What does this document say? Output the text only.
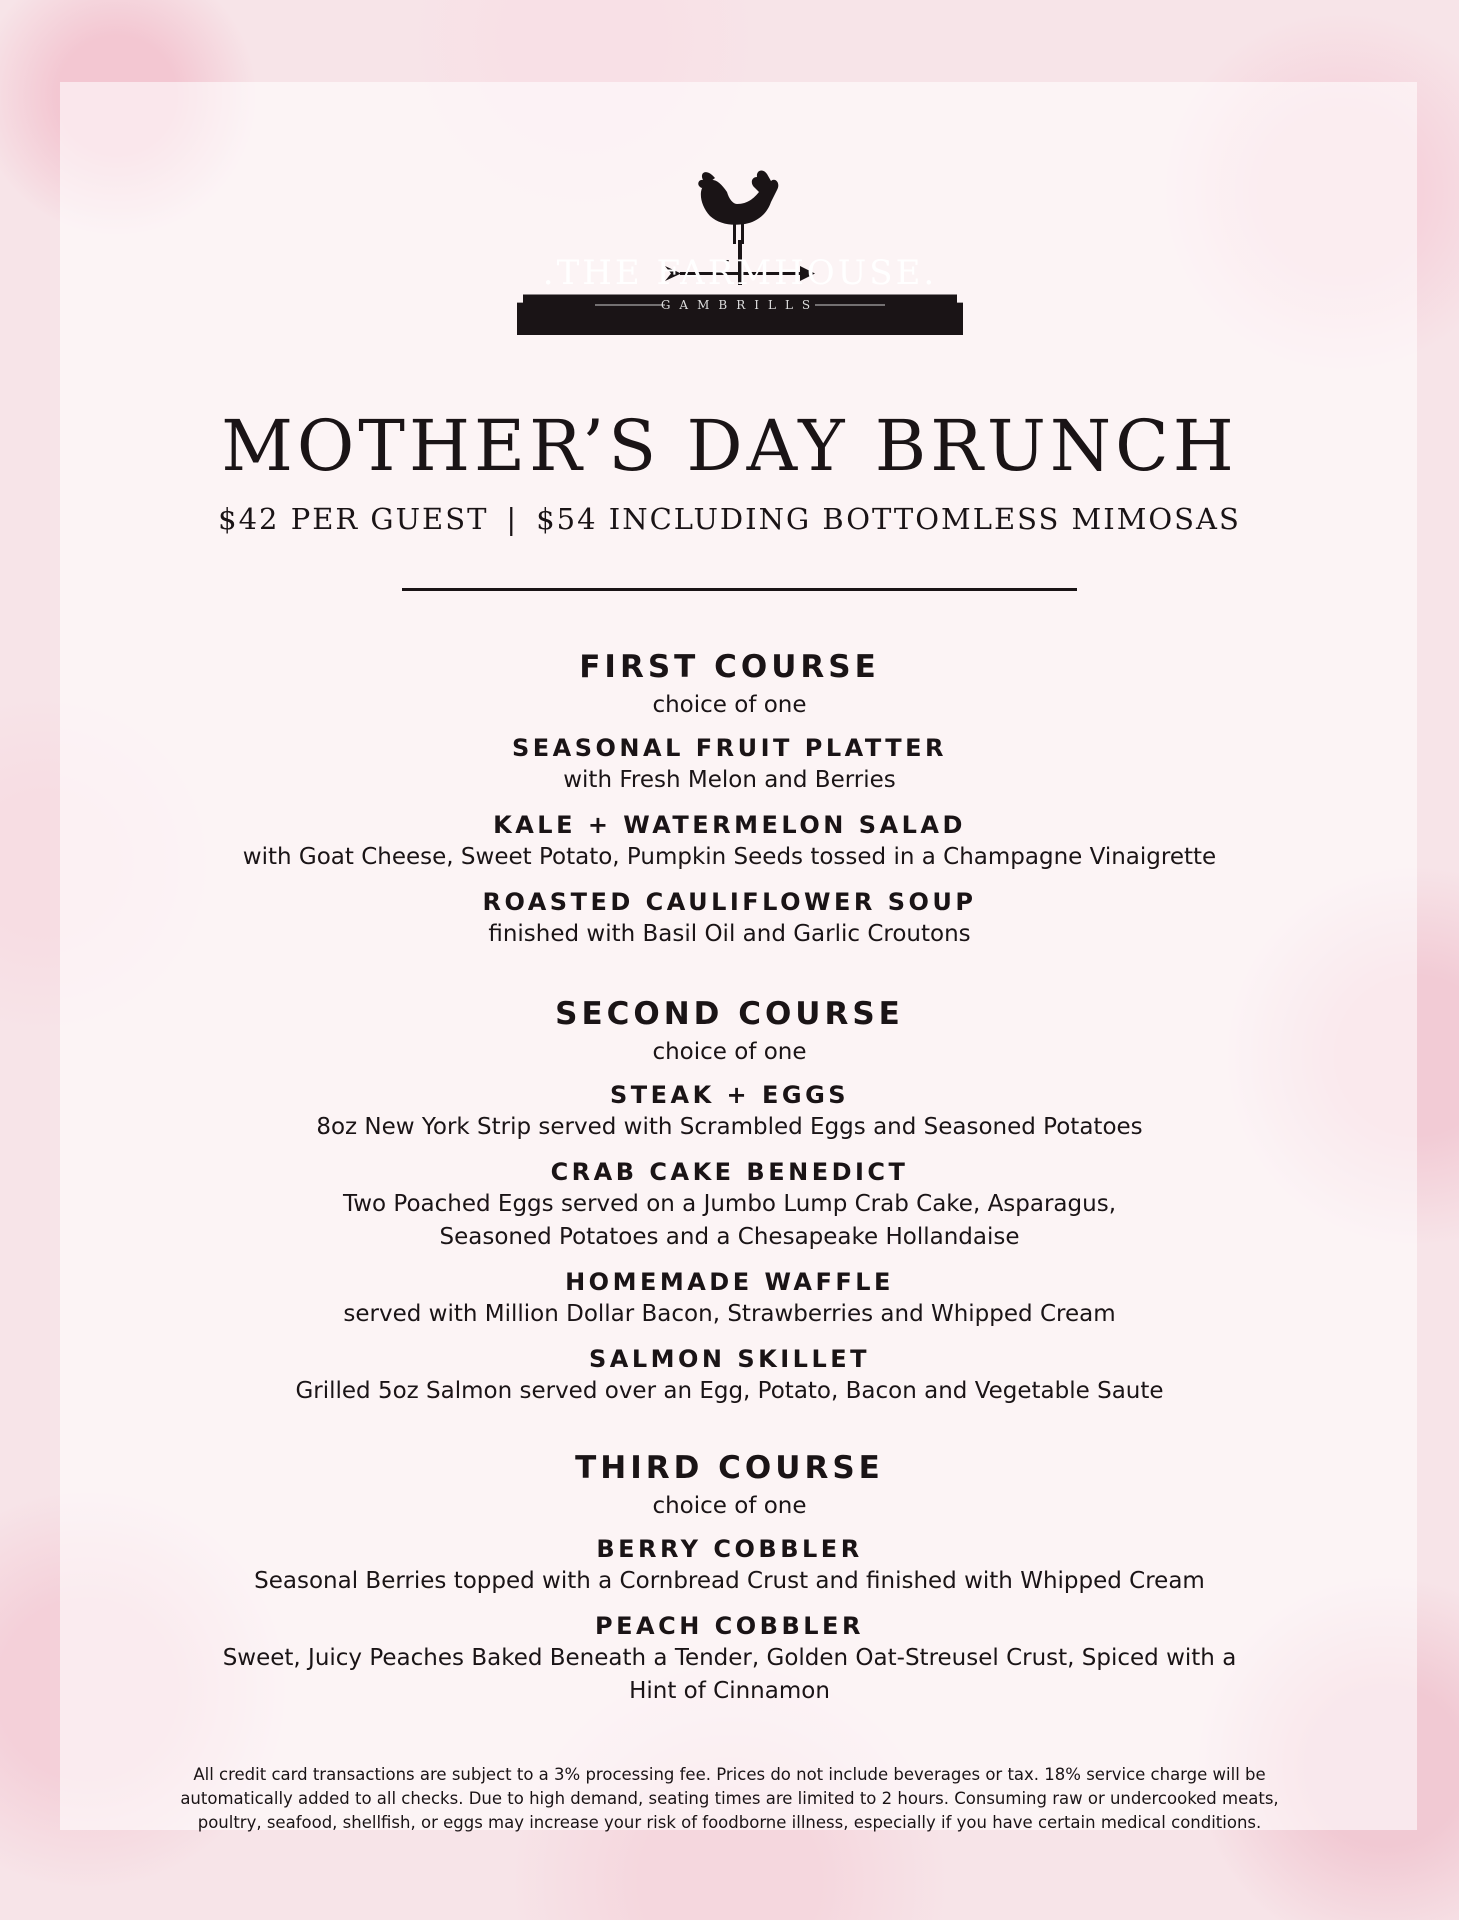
.THE FARMHOUSE.
GAMBRILLS
MOTHER’S DAY BRUNCH
$42 PER GUEST | $54 INCLUDING BOTTOMLESS MIMOSAS
FIRST COURSE
choice of one
SEASONAL FRUIT PLATTER
with Fresh Melon and Berries
KALE + WATERMELON SALAD
with Goat Cheese, Sweet Potato, Pumpkin Seeds tossed in a Champagne Vinaigrette
ROASTED CAULIFLOWER SOUP
finished with Basil Oil and Garlic Croutons
SECOND COURSE
choice of one
STEAK + EGGS
8oz New York Strip served with Scrambled Eggs and Seasoned Potatoes
CRAB CAKE BENEDICT
Two Poached Eggs served on a Jumbo Lump Crab Cake, Asparagus,
Seasoned Potatoes and a Chesapeake Hollandaise
HOMEMADE WAFFLE
served with Million Dollar Bacon, Strawberries and Whipped Cream
SALMON SKILLET
Grilled 5oz Salmon served over an Egg, Potato, Bacon and Vegetable Saute
THIRD COURSE
choice of one
BERRY COBBLER
Seasonal Berries topped with a Cornbread Crust and finished with Whipped Cream
PEACH COBBLER
Sweet, Juicy Peaches Baked Beneath a Tender, Golden Oat-Streusel Crust, Spiced with a
Hint of Cinnamon
All credit card transactions are subject to a 3% processing fee. Prices do not include beverages or tax. 18% service charge will be
automatically added to all checks. Due to high demand, seating times are limited to 2 hours. Consuming raw or undercooked meats,
poultry, seafood, shellfish, or eggs may increase your risk of foodborne illness, especially if you have certain medical conditions.
